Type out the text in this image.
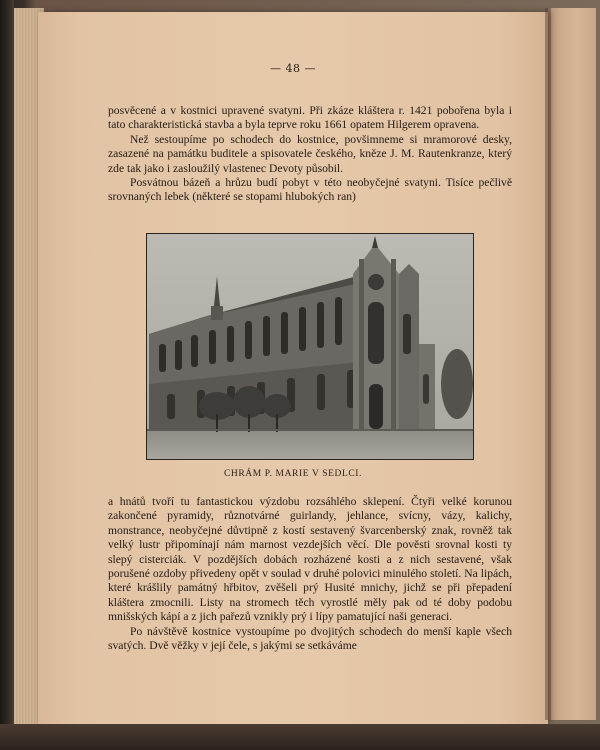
— 48 —

posvěcené a v kostnici upravené svatyni. Při zkáze kláštera r. 1421 pobořena byla i tato charakteristická stavba a byla teprve roku 1661 opatem Hilgerem opravena.

Než sestoupíme po schodech do kostnice, povšimneme si mramorové desky, zasazené na památku buditele a spisovatele českého, kněze J. M. Rautenkranze, který zde tak jako i zasloužilý vlastenec Devoty působil.

Posvátnou bázeň a hrůzu budí pobyt v této neobyčejné svatyni. Tisíce pečlivě srovnaných lebek (některé se stopami hlubokých ran)

CHRÁM P. MARIE V SEDLCI.

a hnátů tvoří tu fantastickou výzdobu rozsáhlého sklepení. Čtyři velké korunou zakončené pyramidy, různotvárné guirlandy, jehlance, svícny, vázy, kalichy, monstrance, neobyčejné důvtipně z kostí sestavený švarcenberský znak, rovněž tak velký lustr připomínají nám marnost vezdejších věcí. Dle pověsti srovnal kosti ty slepý cisterciák. V pozdějších dobách rozházené kosti a z nich sestavené, však porušené ozdoby přivedeny opět v soulad v druhé polovici minulého století. Na lipách, které krášlily památný hřbitov, zvěšeli prý Husité mnichy, jichž se při přepadení kláštera zmocnili. Listy na stromech těch vyrostlé měly pak od té doby podobu mnišských kápí a z jich pařezů vznikly prý i lípy pamatující naši generaci.

Po návštěvě kostnice vystoupíme po dvojitých schodech do menší kaple všech svatých. Dvě věžky v její čele, s jakými se setkáváme
